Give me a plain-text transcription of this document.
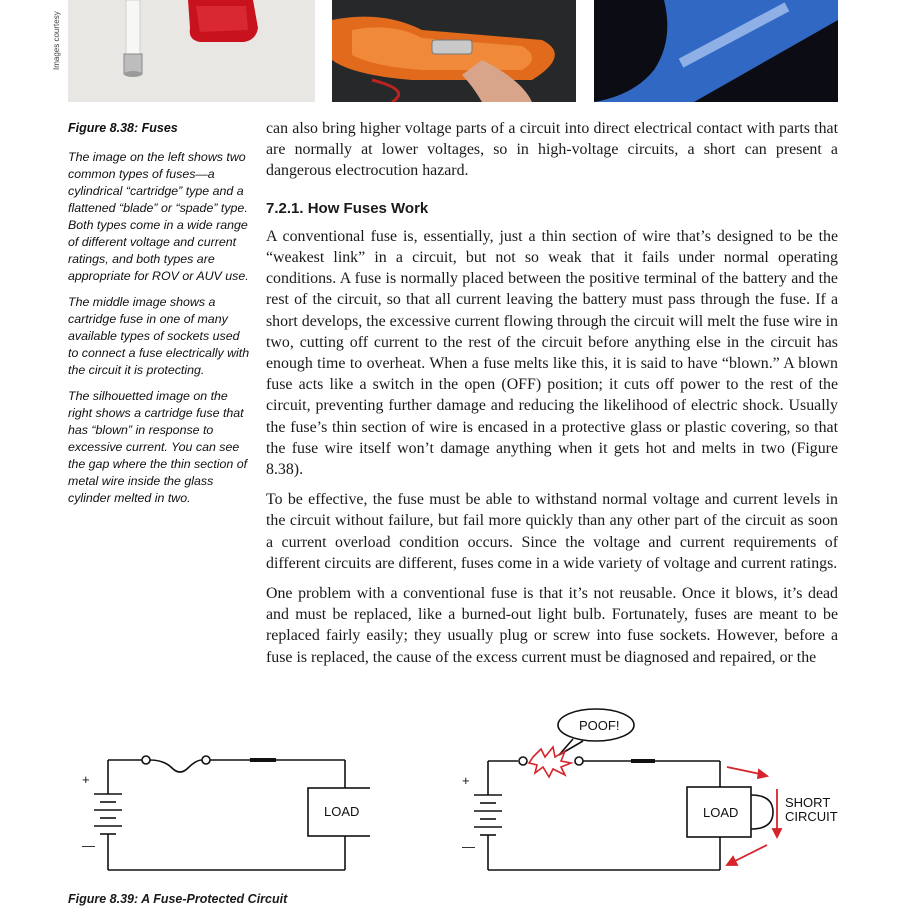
Images courtesy

Figure 8.38: Fuses

The image on the left shows two common types of fuses—a cylindrical “cartridge” type and a flattened “blade” or “spade” type. Both types come in a wide range of different voltage and current ratings, and both types are appropriate for ROV or AUV use.

The middle image shows a cartridge fuse in one of many available types of sockets used to connect a fuse electrically with the circuit it is protecting.

The silhouetted image on the right shows a cartridge fuse that has “blown” in response to excessive current. You can see the gap where the thin section of metal wire inside the glass cylinder melted in two.

can also bring higher voltage parts of a circuit into direct electrical contact with parts that are normally at lower voltages, so in high-voltage circuits, a short can present a dangerous electrocution hazard.

7.2.1. How Fuses Work

A conventional fuse is, essentially, just a thin section of wire that’s designed to be the “weakest link” in a circuit, but not so weak that it fails under normal operating conditions. A fuse is normally placed between the positive terminal of the battery and the rest of the circuit, so that all current leaving the battery must pass through the fuse. If a short develops, the excessive current flowing through the circuit will melt the fuse wire in two, cutting off current to the rest of the circuit before anything else in the circuit has enough time to overheat. When a fuse melts like this, it is said to have “blown.” A blown fuse acts like a switch in the open (OFF) position; it cuts off power to the rest of the circuit, preventing further damage and reducing the likelihood of electric shock. Usually the fuse’s thin section of wire is encased in a protective glass or plastic covering, so that the fuse wire itself won’t damage anything when it gets hot and melts in two (Figure 8.38).

To be effective, the fuse must be able to withstand normal voltage and current levels in the circuit without failure, but fail more quickly than any other part of the circuit as soon a current overload condition occurs. Since the voltage and current requirements of different circuits are different, fuses come in a wide variety of voltage and current ratings.

One problem with a conventional fuse is that it’s not reusable. Once it blows, it’s dead and must be replaced, like a burned-out light bulb. Fortunately, fuses are meant to be replaced fairly easily; they usually plug or screw into fuse sockets. However, before a fuse is replaced, the cause of the excess current must be diagnosed and repaired, or the

+
—
LOAD
POOF!
+
—
LOAD
SHORT
CIRCUIT
Figure 8.39: A Fuse-Protected Circuit
